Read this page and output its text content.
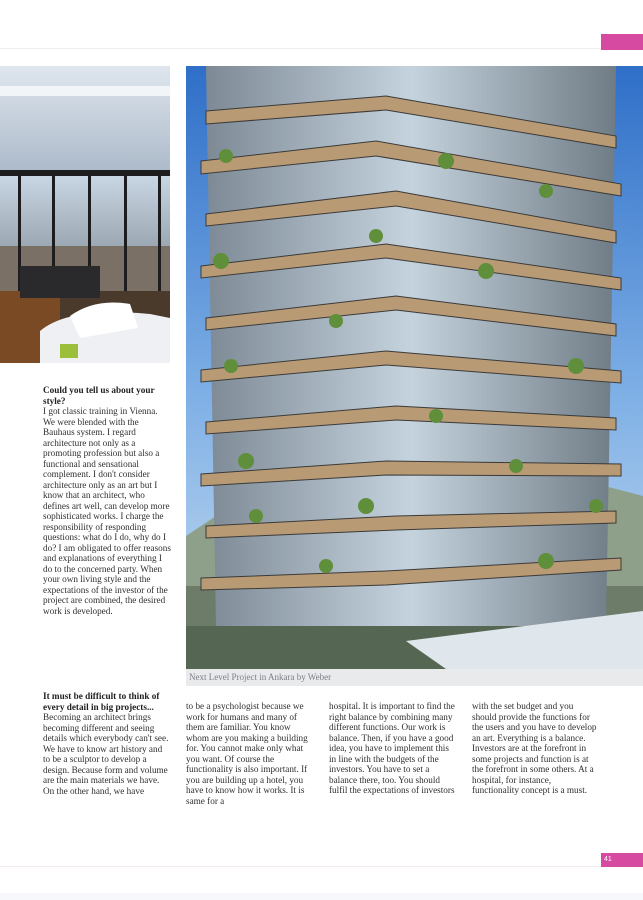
Next Level Project in Ankara by Weber

Could you tell us about your style?

I got classic training in Vienna. We were blended with the Bauhaus system. I regard architecture not only as a promoting profession but also a functional and sensational complement. I don't consider architecture only as an art but I know that an architect, who defines art well, can develop more sophisticated works. I charge the responsibility of responding questions: what do I do, why do I do? I am obligated to offer reasons and explanations of everything I do to the concerned party. When your own living style and the expectations of the investor of the project are combined, the desired work is developed.

It must be difficult to think of every detail in big projects...

Becoming an architect brings becoming different and seeing details which everybody can't see. We have to know art history and to be a sculptor to develop a design. Because form and volume are the main materials we have. On the other hand, we have

to be a psychologist because we work for humans and many of them are familiar. You know whom are you making a building for. You cannot make only what you want. Of course the functionality is also important. If you are building up a hotel, you have to know how it works. It is same for a

hospital. It is important to find the right balance by combining many different functions. Our work is balance. Then, if you have a good idea, you have to implement this in line with the budgets of the investors. You have to set a balance there, too. You should fulfil the expectations of investors

with the set budget and you should provide the functions for the users and you have to develop an art. Everything is a balance. Investors are at the forefront in some projects and function is at the forefront in some others. At a hospital, for instance, functionality concept is a must.

41
